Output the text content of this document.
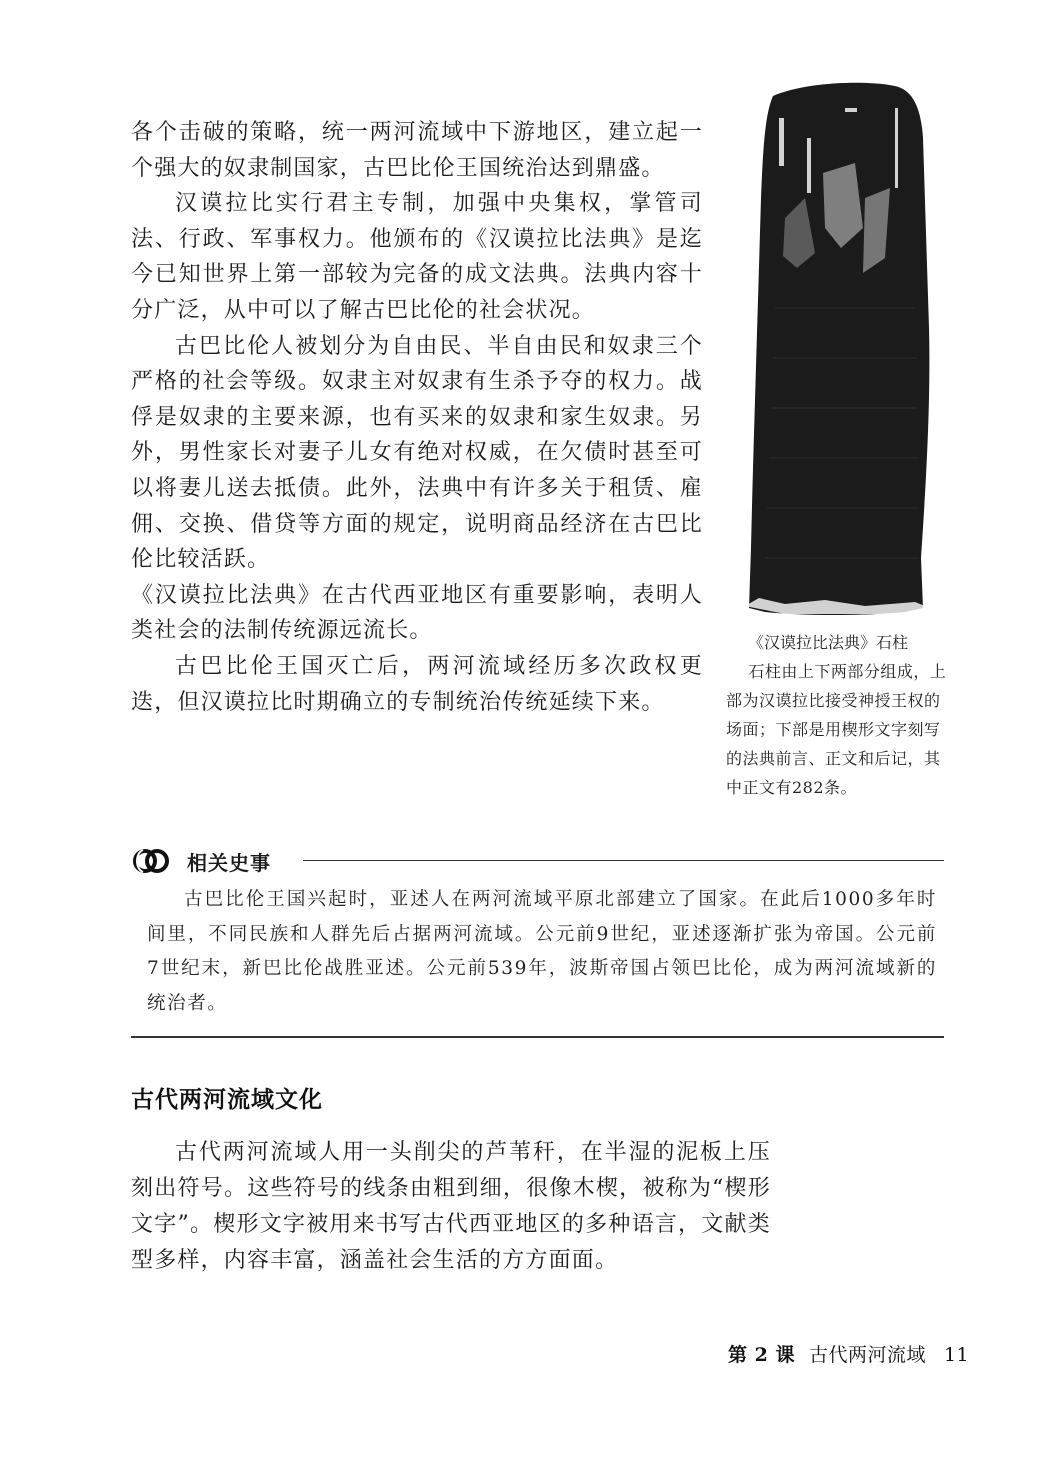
各个击破的策略，统一两河流域中下游地区，建立起一个强大的奴隶制国家，古巴比伦王国统治达到鼎盛。

汉谟拉比实行君主专制，加强中央集权，掌管司法、行政、军事权力。他颁布的《汉谟拉比法典》是迄今已知世界上第一部较为完备的成文法典。法典内容十分广泛，从中可以了解古巴比伦的社会状况。

古巴比伦人被划分为自由民、半自由民和奴隶三个严格的社会等级。奴隶主对奴隶有生杀予夺的权力。战俘是奴隶的主要来源，也有买来的奴隶和家生奴隶。另外，男性家长对妻子儿女有绝对权威，在欠债时甚至可以将妻儿送去抵债。此外，法典中有许多关于租赁、雇佣、交换、借贷等方面的规定，说明商品经济在古巴比伦比较活跃。

《汉谟拉比法典》在古代西亚地区有重要影响，表明人类社会的法制传统源远流长。

古巴比伦王国灭亡后，两河流域经历多次政权更迭，但汉谟拉比时期确立的专制统治传统延续下来。

《汉谟拉比法典》石柱
石柱由上下两部分组成，上部为汉谟拉比接受神授王权的场面；下部是用楔形文字刻写的法典前言、正文和后记，其中正文有282条。
相关史事

古巴比伦王国兴起时，亚述人在两河流域平原北部建立了国家。在此后1000多年时间里，不同民族和人群先后占据两河流域。公元前9世纪，亚述逐渐扩张为帝国。公元前7世纪末，新巴比伦战胜亚述。公元前539年，波斯帝国占领巴比伦，成为两河流域新的统治者。

古代两河流域文化

古代两河流域人用一头削尖的芦苇秆，在半湿的泥板上压刻出符号。这些符号的线条由粗到细，很像木楔，被称为“楔形文字”。楔形文字被用来书写古代西亚地区的多种语言，文献类型多样，内容丰富，涵盖社会生活的方方面面。

第 2 课 古代两河流域 11
